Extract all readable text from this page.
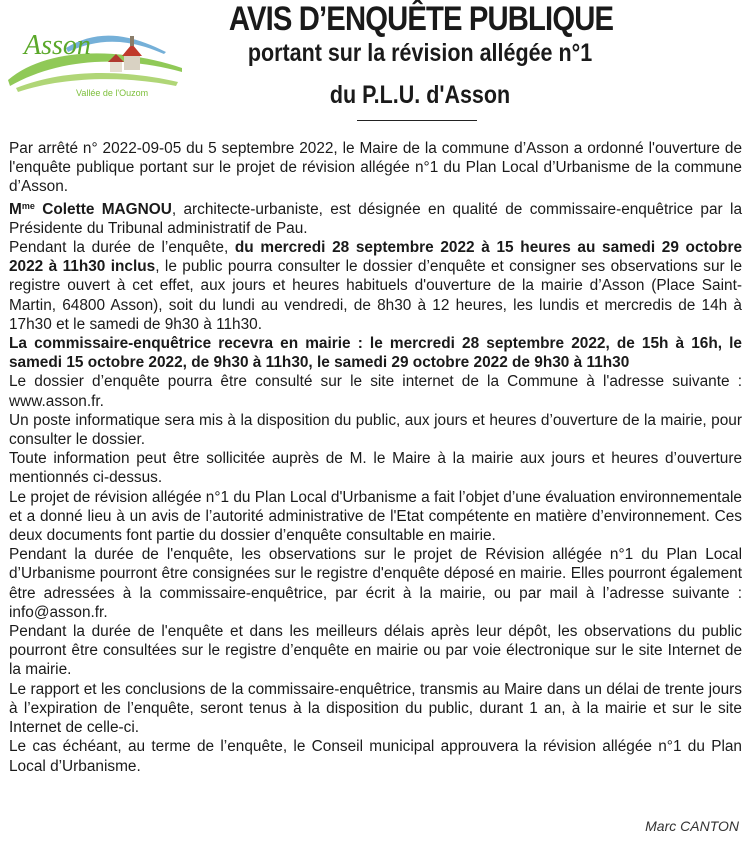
Asson
Vallée de l'Ouzom
AVIS D’ENQUÊTE PUBLIQUE
portant sur la révision allégée n°1
du P.L.U. d'Asson

Par arrêté n° 2022-09-05 du 5 septembre 2022, le Maire de la commune d’Asson a ordonné l'ouverture de l'enquête publique portant sur le projet de révision allégée n°1 du Plan Local d’Urbanisme de la commune d’Asson.

$M^{me}$ Colette MAGNOU, architecte-urbaniste, est désignée en qualité de commissaire-enquêtrice par la Présidente du Tribunal administratif de Pau.

Pendant la durée de l’enquête, du mercredi 28 septembre 2022 à 15 heures au samedi 29 octobre 2022 à 11h30 inclus, le public pourra consulter le dossier d’enquête et consigner ses observations sur le registre ouvert à cet effet, aux jours et heures habituels d'ouverture de la mairie d’Asson (Place Saint-Martin, 64800 Asson), soit du lundi au vendredi, de 8h30 à 12 heures, les lundis et mercredis de 14h à 17h30 et le samedi de 9h30 à 11h30.

La commissaire-enquêtrice recevra en mairie : le mercredi 28 septembre 2022, de 15h à 16h, le samedi 15 octobre 2022, de 9h30 à 11h30, le samedi 29 octobre 2022 de 9h30 à 11h30

Le dossier d’enquête pourra être consulté sur le site internet de la Commune à l'adresse suivante : www.asson.fr.

Un poste informatique sera mis à la disposition du public, aux jours et heures d’ouverture de la mairie, pour consulter le dossier.

Toute information peut être sollicitée auprès de M. le Maire à la mairie aux jours et heures d’ouverture mentionnés ci-dessus.

Le projet de révision allégée n°1 du Plan Local d'Urbanisme a fait l’objet d’une évaluation environnementale et a donné lieu à un avis de l’autorité administrative de l'Etat compétente en matière d’environnement. Ces deux documents font partie du dossier d’enquête consultable en mairie.

Pendant la durée de l'enquête, les observations sur le projet de Révision allégée n°1 du Plan Local d’Urbanisme pourront être consignées sur le registre d'enquête déposé en mairie. Elles pourront également être adressées à la commissaire-enquêtrice, par écrit à la mairie, ou par mail à l’adresse suivante : info@asson.fr.

Pendant la durée de l'enquête et dans les meilleurs délais après leur dépôt, les observations du public pourront être consultées sur le registre d’enquête en mairie ou par voie électronique sur le site Internet de la mairie.

Le rapport et les conclusions de la commissaire-enquêtrice, transmis au Maire dans un délai de trente jours à l’expiration de l’enquête, seront tenus à la disposition du public, durant 1 an, à la mairie et sur le site Internet de celle-ci.

Le cas échéant, au terme de l’enquête, le Conseil municipal approuvera la révision allégée n°1 du Plan Local d’Urbanisme.

Marc CANTON
